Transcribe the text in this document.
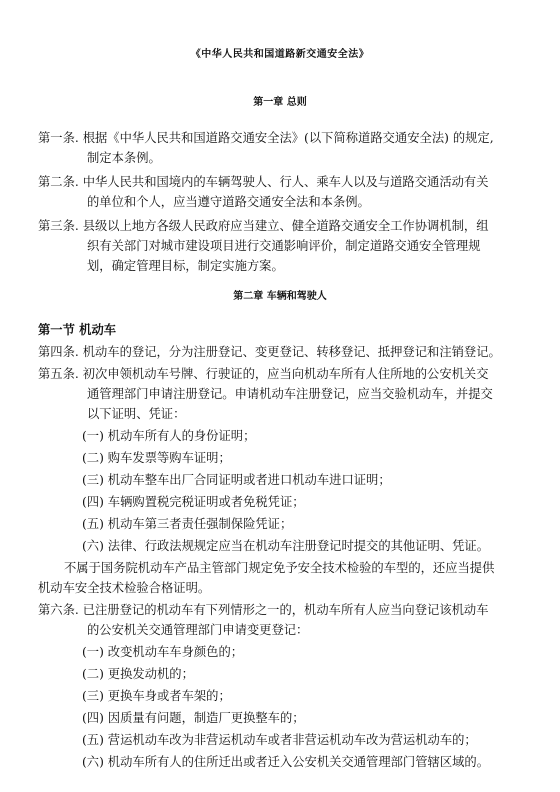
《中华人民共和国道路新交通安全法》
第一章 总则
第一条. 根据《中华人民共和国道路交通安全法》(以下简称道路交通安全法) 的规定,
制定本条例。
第二条. 中华人民共和国境内的车辆驾驶人、行人、乘车人以及与道路交通活动有关
的单位和个人，应当遵守道路交通安全法和本条例。
第三条. 县级以上地方各级人民政府应当建立、健全道路交通安全工作协调机制，组
织有关部门对城市建设项目进行交通影响评价，制定道路交通安全管理规
划，确定管理目标，制定实施方案。
第二章 车辆和驾驶人
第一节 机动车
第四条. 机动车的登记，分为注册登记、变更登记、转移登记、抵押登记和注销登记。
第五条. 初次申领机动车号牌、行驶证的，应当向机动车所有人住所地的公安机关交
通管理部门申请注册登记。申请机动车注册登记，应当交验机动车，并提交
以下证明、凭证：
(一) 机动车所有人的身份证明；
(二) 购车发票等购车证明；
(三) 机动车整车出厂合同证明或者进口机动车进口证明；
(四) 车辆购置税完税证明或者免税凭证；
(五) 机动车第三者责任强制保险凭证；
(六) 法律、行政法规规定应当在机动车注册登记时提交的其他证明、凭证。
不属于国务院机动车产品主管部门规定免予安全技术检验的车型的，还应当提供
机动车安全技术检验合格证明。
第六条. 已注册登记的机动车有下列情形之一的，机动车所有人应当向登记该机动车
的公安机关交通管理部门申请变更登记：
(一) 改变机动车车身颜色的；
(二) 更换发动机的；
(三) 更换车身或者车架的；
(四) 因质量有问题，制造厂更换整车的；
(五) 营运机动车改为非营运机动车或者非营运机动车改为营运机动车的；
(六) 机动车所有人的住所迁出或者迁入公安机关交通管理部门管辖区域的。
